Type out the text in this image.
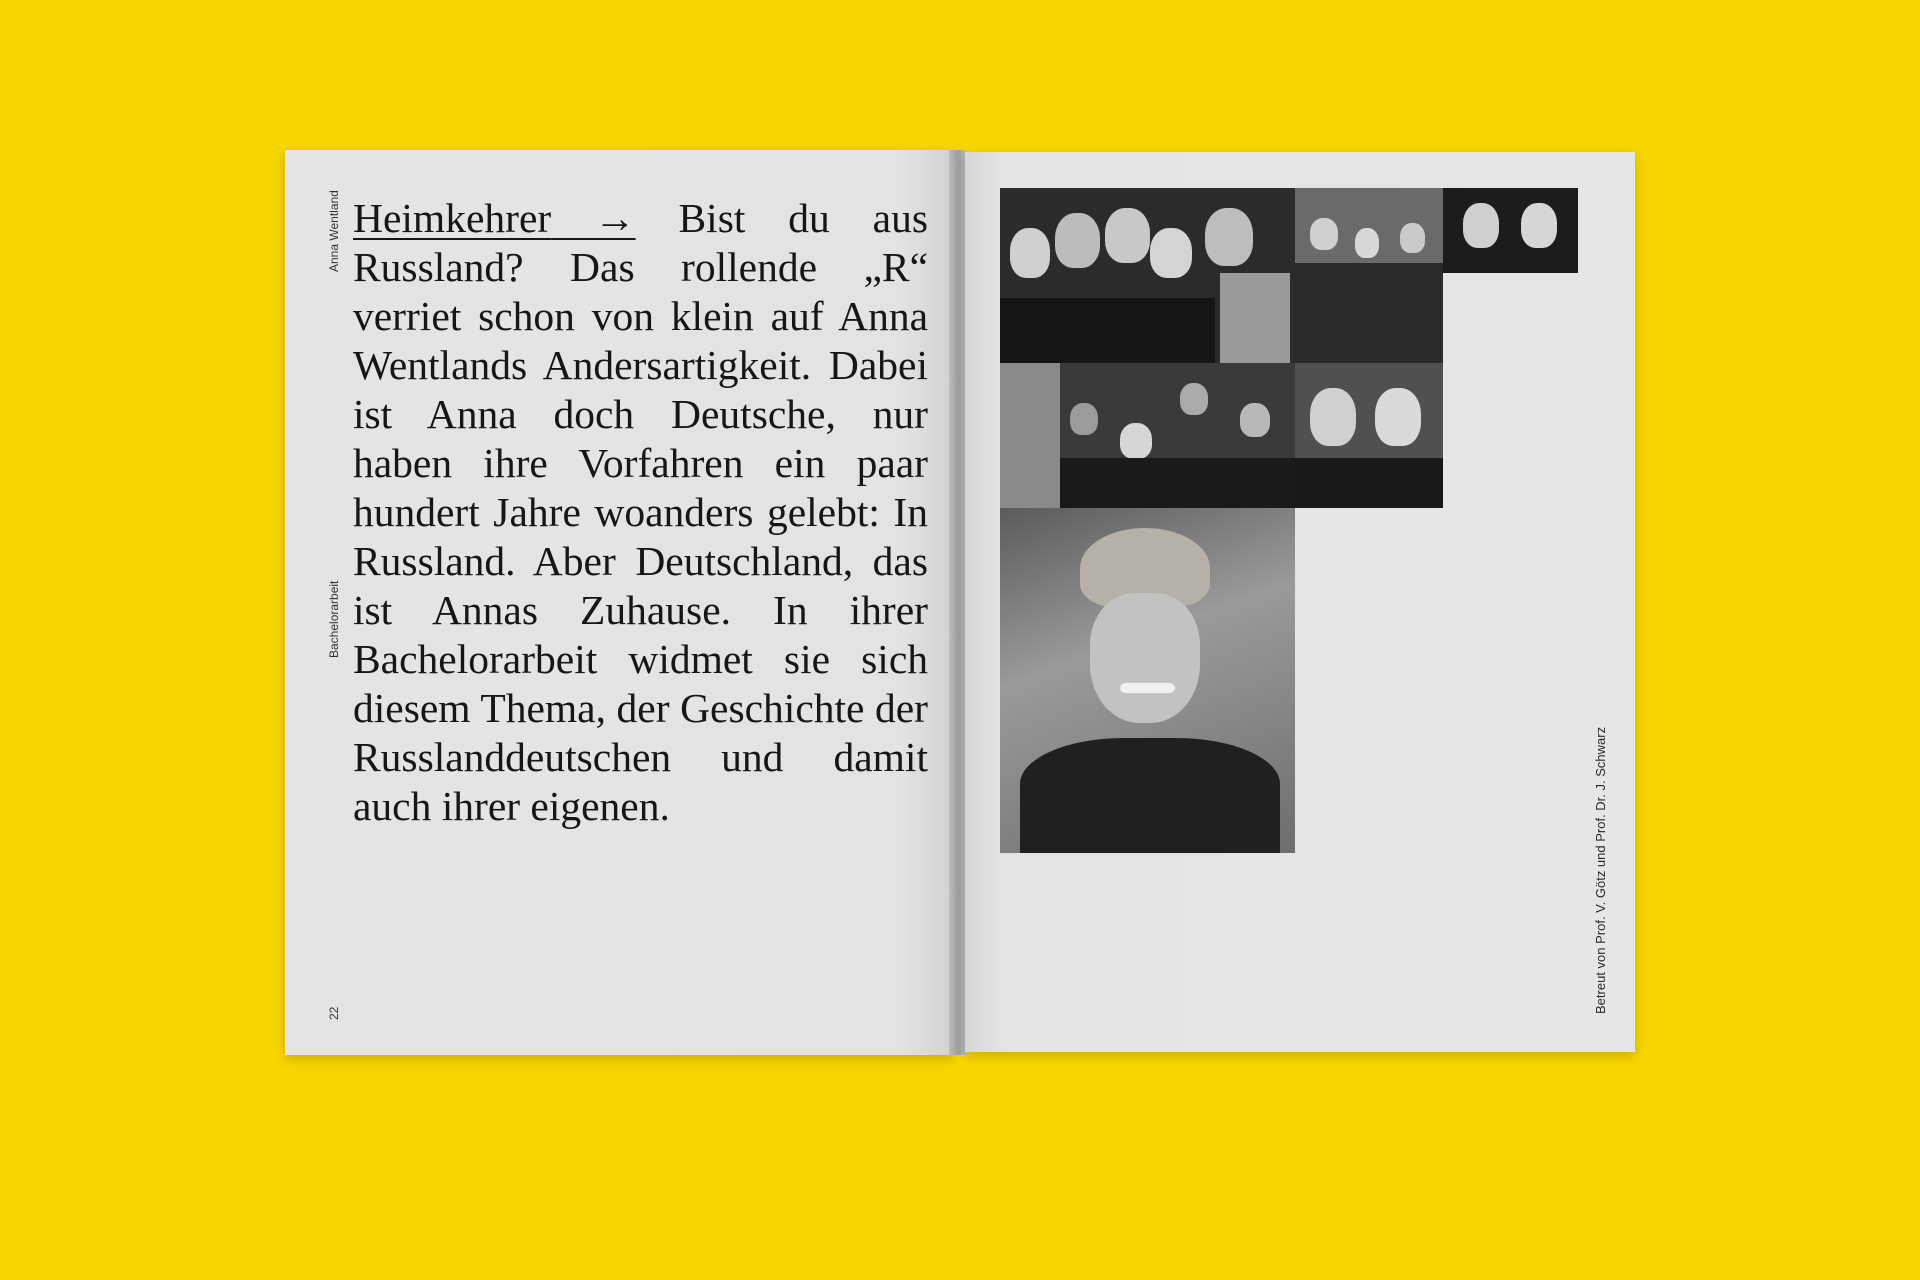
Anna Wentland
Bachelorarbeit
22
Heimkehrer → Bist du aus Russland? Das rollende „R“ verriet schon von klein auf Anna Wentlands Andersartigkeit. Dabei ist Anna doch Deutsche, nur haben ihre Vorfahren ein paar hundert Jahre woanders gelebt: In Russland. Aber Deutschland, das ist Annas Zuhause. In ihrer Bachelorarbeit widmet sie sich diesem Thema, der Geschichte der Russlanddeutschen und damit auch ihrer eigenen.	Betreut von Prof. V. Götz und Prof. Dr. J. Schwarz
